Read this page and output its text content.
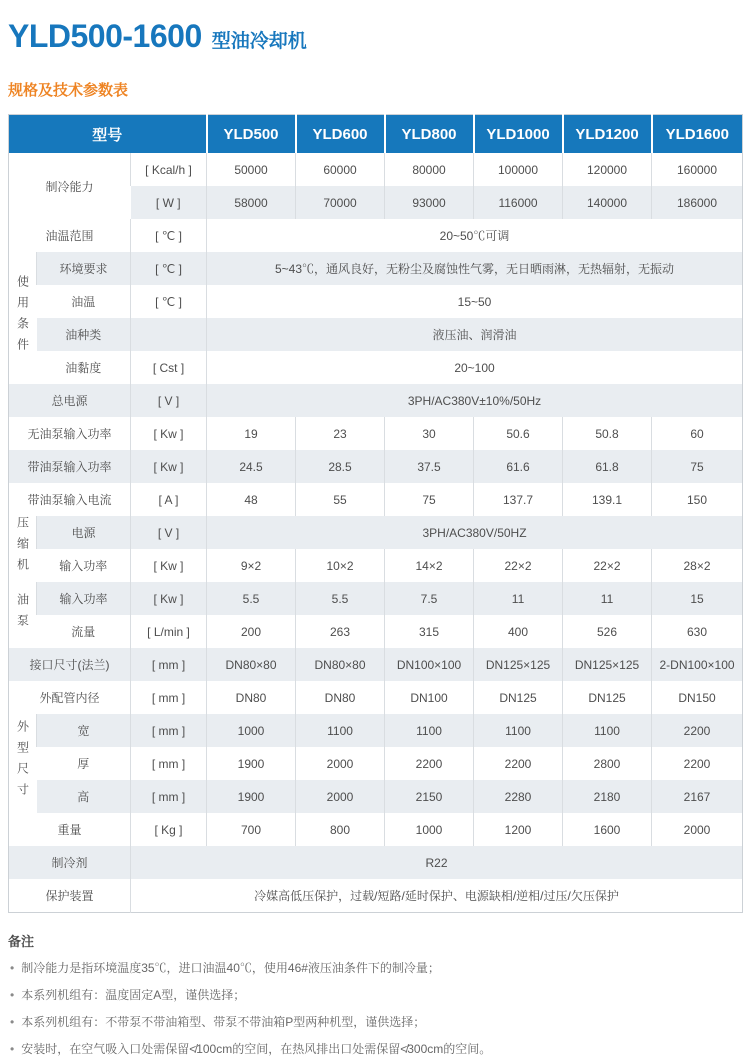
YLD500-1600 型油冷却机
规格及技术参数表
型号			YLD500	YLD600	YLD800	YLD1000	YLD1200	YLD1600
制冷能力		[ Kcal/h ]	50000	60000	80000	100000	120000	160000
		[ W ]	58000	70000	93000	116000	140000	186000
油温范围		[ ℃ ]	20~50℃可调					
使用条件	环境要求	[ ℃ ]	5~43℃，通风良好，无粉尘及腐蚀性气雾，无日晒雨淋，无热辐射，无振动					
	油温	[ ℃ ]	15~50					
	油种类		液压油、润滑油					
	油黏度	[ Cst ]	20~100					
总电源		[ V ]	3PH/AC380V±10%/50Hz					
无油泵输入功率		[ Kw ]	19	23	30	50.6	50.8	60
带油泵输入功率		[ Kw ]	24.5	28.5	37.5	61.6	61.8	75
带油泵输入电流		[ A ]	48	55	75	137.7	139.1	150
压缩机	电源	[ V ]	3PH/AC380V/50HZ					
	输入功率	[ Kw ]	9×2	10×2	14×2	22×2	22×2	28×2
油泵	输入功率	[ Kw ]	5.5	5.5	7.5	11	11	15
	流量	[ L/min ]	200	263	315	400	526	630
接口尺寸(法兰)		[ mm ]	DN80×80	DN80×80	DN100×100	DN125×125	DN125×125	2-DN100×100
外配管内径		[ mm ]	DN80	DN80	DN100	DN125	DN125	DN150
外型尺寸	宽	[ mm ]	1000	1100	1100	1100	1100	2200
	厚	[ mm ]	1900	2000	2200	2200	2800	2200
	高	[ mm ]	1900	2000	2150	2280	2180	2167
重量		[ Kg ]	700	800	1000	1200	1600	2000
制冷剂		R22						
保护装置		冷媒高低压保护，过载/短路/延时保护、电源缺相/逆相/过压/欠压保护						
备注
• 制冷能力是指环境温度35℃，进口油温40℃，使用46#液压油条件下的制冷量；
• 本系列机组有：温度固定A型，谨供选择；
• 本系列机组有：不带泵不带油箱型、带泵不带油箱P型两种机型，谨供选择；
• 安装时，在空气吸入口处需保留≮100cm的空间，在热风排出口处需保留≮300cm的空间。
